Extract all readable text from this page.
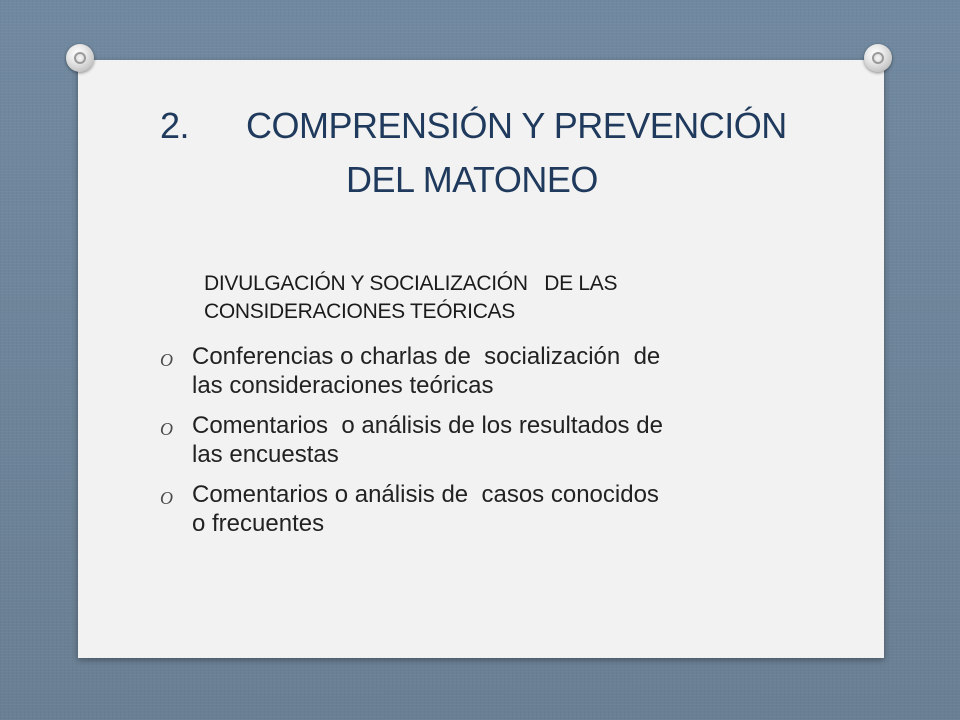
2. COMPRENSIÓN Y PREVENCIÓN
DEL MATONEO
DIVULGACIÓN Y SOCIALIZACIÓN   DE LAS
CONSIDERACIONES TEÓRICAS
O Conferencias o charlas de  socialización  de
las consideraciones teóricas
O Comentarios  o análisis de los resultados de
las encuestas
O Comentarios o análisis de  casos conocidos
o frecuentes
